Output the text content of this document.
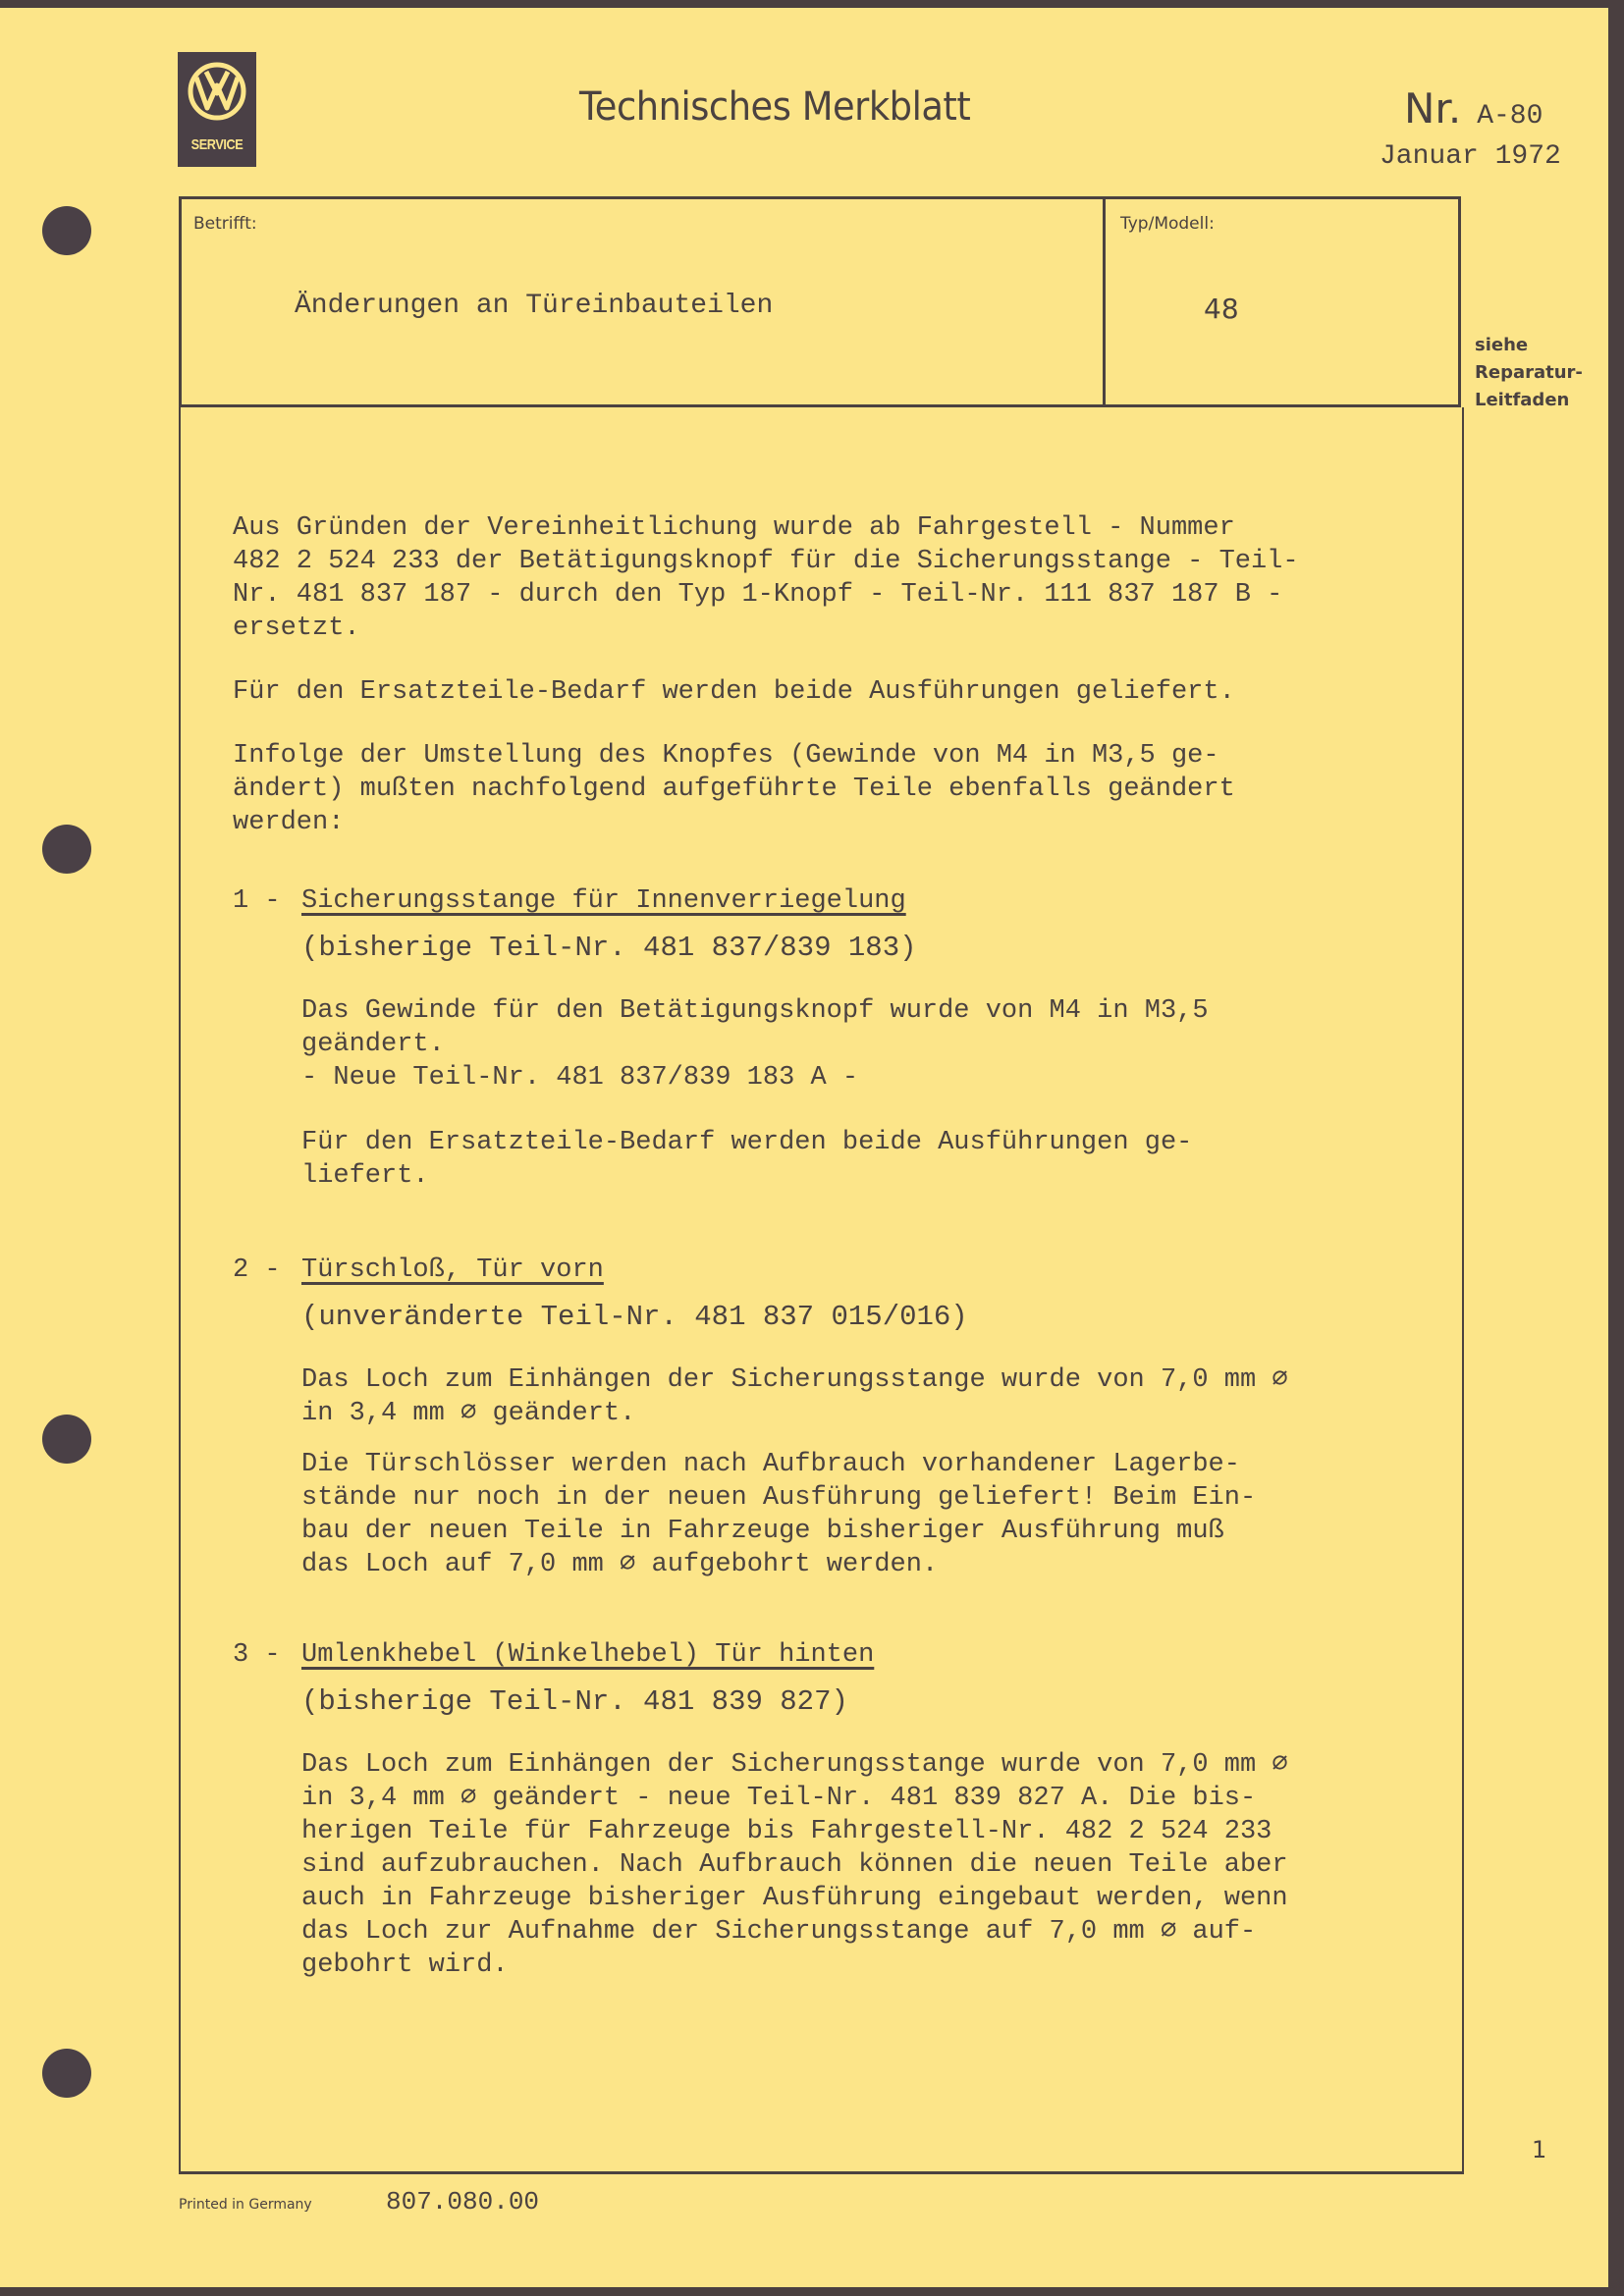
SERVICE
Technisches Merkblatt	Nr. A-80
Januar 1972
Betrifft:
Änderungen an Türeinbauteilen
Typ/Modell:
48
siehe
Reparatur-
Leitfaden

Aus Gründen der Vereinheitlichung wurde ab Fahrgestell - Nummer
482 2 524 233 der Betätigungsknopf für die Sicherungsstange - Teil-
Nr. 481 837 187 - durch den Typ 1-Knopf - Teil-Nr. 111 837 187 B -
ersetzt.

Für den Ersatzteile-Bedarf werden beide Ausführungen geliefert.

Infolge der Umstellung des Knopfes (Gewinde von M4 in M3,5 ge-
ändert) mußten nachfolgend aufgeführte Teile ebenfalls geändert
werden:

1 - Sicherungsstange für Innenverriegelung
(bisherige Teil-Nr. 481 837/839 183)

Das Gewinde für den Betätigungsknopf wurde von M4 in M3,5
geändert.
- Neue Teil-Nr. 481 837/839 183 A -

Für den Ersatzteile-Bedarf werden beide Ausführungen ge-
liefert.

2 - Türschloß, Tür vorn
(unveränderte Teil-Nr. 481 837 015/016)

Das Loch zum Einhängen der Sicherungsstange wurde von 7,0 mm ⌀
in 3,4 mm ⌀ geändert.

Die Türschlösser werden nach Aufbrauch vorhandener Lagerbe-
stände nur noch in der neuen Ausführung geliefert! Beim Ein-
bau der neuen Teile in Fahrzeuge bisheriger Ausführung muß
das Loch auf 7,0 mm ⌀ aufgebohrt werden.

3 - Umlenkhebel (Winkelhebel) Tür hinten
(bisherige Teil-Nr. 481 839 827)

Das Loch zum Einhängen der Sicherungsstange wurde von 7,0 mm ⌀
in 3,4 mm ⌀ geändert - neue Teil-Nr. 481 839 827 A. Die bis-
herigen Teile für Fahrzeuge bis Fahrgestell-Nr. 482 2 524 233
sind aufzubrauchen. Nach Aufbrauch können die neuen Teile aber
auch in Fahrzeuge bisheriger Ausführung eingebaut werden, wenn
das Loch zur Aufnahme der Sicherungsstange auf 7,0 mm ⌀ auf-
gebohrt wird.

1
Printed in Germany	807.080.00
